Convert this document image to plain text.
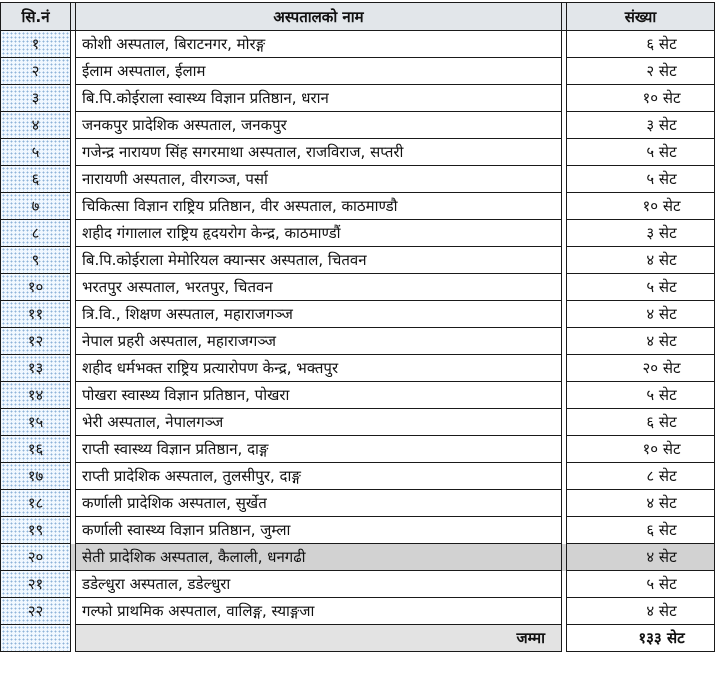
सि.नं		अस्पतालको नाम		संख्या
१		कोशी अस्पताल, बिराटनगर, मोरङ्ग		६ सेट
२		ईलाम अस्पताल, ईलाम		२ सेट
३		बि.पि.कोईराला स्वास्थ्य विज्ञान प्रतिष्ठान, धरान		१० सेट
४		जनकपुर प्रादेशिक अस्पताल, जनकपुर		३ सेट
५		गजेन्द्र नारायण सिंह सगरमाथा अस्पताल, राजविराज, सप्तरी		५ सेट
६		नारायणी अस्पताल, वीरगञ्ज, पर्सा		५ सेट
७		चिकित्सा विज्ञान राष्ट्रिय प्रतिष्ठान, वीर अस्पताल, काठमाण्डौ		१० सेट
८		शहीद गंगालाल राष्ट्रिय हृदयरोग केन्द्र, काठमाण्डौं		३ सेट
९		बि.पि.कोईराला मेमोरियल क्यान्सर अस्पताल, चितवन		४ सेट
१०		भरतपुर अस्पताल, भरतपुर, चितवन		५ सेट
११		त्रि.वि., शिक्षण अस्पताल, महाराजगञ्ज		४ सेट
१२		नेपाल प्रहरी अस्पताल, महाराजगञ्ज		४ सेट
१३		शहीद धर्मभक्त राष्ट्रिय प्रत्यारोपण केन्द्र, भक्तपुर		२० सेट
१४		पोखरा स्वास्थ्य विज्ञान प्रतिष्ठान, पोखरा		५ सेट
१५		भेरी अस्पताल, नेपालगञ्ज		६ सेट
१६		राप्ती स्वास्थ्य विज्ञान प्रतिष्ठान, दाङ्ग		१० सेट
१७		राप्ती प्रादेशिक अस्पताल, तुलसीपुर, दाङ्ग		८ सेट
१८		कर्णाली प्रादेशिक अस्पताल, सुर्खेत		४ सेट
१९		कर्णाली स्वास्थ्य विज्ञान प्रतिष्ठान, जुम्ला		६ सेट
२०		सेती प्रादेशिक अस्पताल, कैलाली, धनगढी		४ सेट
२१		डडेल्धुरा अस्पताल, डडेल्धुरा		५ सेट
२२		गल्फो प्राथमिक अस्पताल, वालिङ्ग, स्याङ्गजा		४ सेट
		जम्मा		१३३ सेट
